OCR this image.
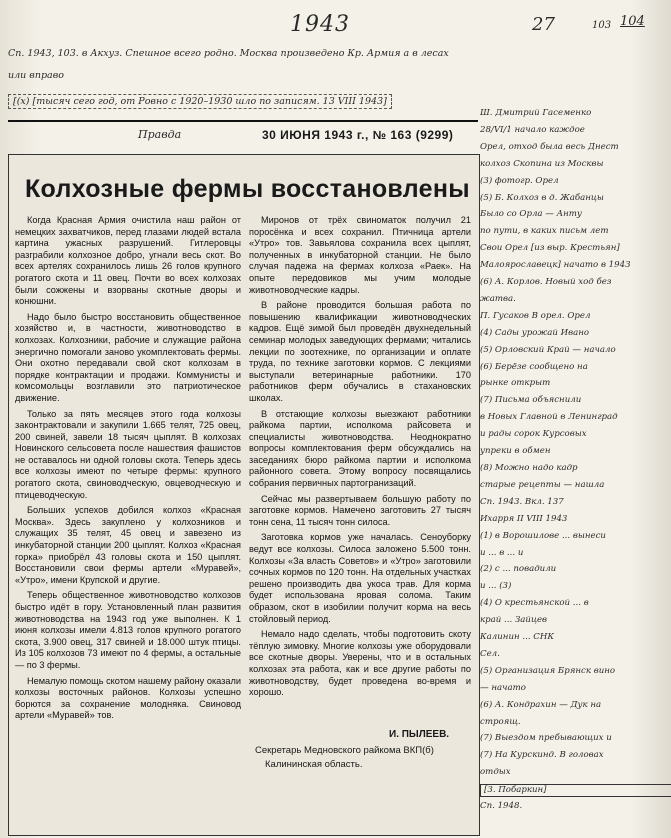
1943	27	103 104
Сп. 1943, 103. в Акхуз. Спешное всего родно. Москва произведено Кр. Армия а в лесах
или вправо
[(x) [тысяч сего год, от Ровно с 1920–1930 шло по записям. 13 VIII 1943]
Правда	30 ИЮНЯ 1943 г., № 163 (9299)
Колхозные фермы восстановлены

Когда Красная Армия очистила наш район от немецких захватчиков, перед глазами людей встала картина ужасных разрушений. Гитлеровцы разграбили колхозное добро, угнали весь скот. Во всех артелях сохранилось лишь 26 голов крупного рогатого скота и 11 овец. Почти во всех колхозах были сожжены и взорваны скотные дворы и конюшни.

Надо было быстро восстановить общественное хозяйство и, в частности, животноводство в колхозах. Колхозники, рабочие и служащие района энергично помогали заново укомплектовать фермы. Они охотно передавали свой скот колхозам в порядке контрактации и продажи. Коммунисты и комсомольцы возглавили это патриотическое движение.

Только за пять месяцев этого года колхозы законтрактовали и закупили 1.665 телят, 725 овец, 200 свиней, завели 18 тысяч цыплят. В колхозах Новинского сельсовета после нашествия фашистов не оставалось ни одной головы скота. Теперь здесь все колхозы имеют по четыре фермы: крупного рогатого скота, свиноводческую, овцеводческую и птицеводческую.

Больших успехов добился колхоз «Красная Москва». Здесь закуплено у колхозников и служащих 35 телят, 45 овец и завезено из инкубаторной станции 200 цыплят. Колхоз «Красная горка» приобрёл 43 головы скота и 150 цыплят. Восстановили свои фермы артели «Муравей», «Утро», имени Крупской и другие.

Теперь общественное животноводство колхозов быстро идёт в гору. Установленный план развития животноводства на 1943 год уже выполнен. К 1 июня колхозы имели 4.813 голов крупного рогатого скота, 3.900 овец, 317 свиней и 18.000 штук птицы. Из 105 колхозов 73 имеют по 4 фермы, а остальные — по 3 фермы.

Немалую помощь скотом нашему району оказали колхозы восточных районов. Колхозы успешно борются за сохранение молодняка. Свиновод артели «Муравей» тов.

Миронов от трёх свиноматок получил 21 поросёнка и всех сохранил. Птичница артели «Утро» тов. Завьялова сохранила всех цыплят, полученных в инкубаторной станции. Не было случая падежа на фермах колхоза «Раек». На опыте передовиков мы учим молодые животноводческие кадры.

В районе проводится большая работа по повышению квалификации животноводческих кадров. Ещё зимой был проведён двухнедельный семинар молодых заведующих фермами; читались лекции по зоотехнике, по организации и оплате труда, по технике заготовки кормов. С лекциями выступали ветеринарные работники. 170 работников ферм обучались в стахановских школах.

В отстающие колхозы выезжают работники райкома партии, исполкома райсовета и специалисты животноводства. Неоднократно вопросы комплектования ферм обсуждались на заседаниях бюро райкома партии и исполкома районного совета. Этому вопросу посвящались собрания первичных партогранизаций.

Сейчас мы развертываем большую работу по заготовке кормов. Намечено заготовить 27 тысяч тонн сена, 11 тысяч тонн силоса.

Заготовка кормов уже началась. Сеноуборку ведут все колхозы. Силоса заложено 5.500 тонн. Колхозы «За власть Советов» и «Утро» заготовили сочных кормов по 120 тонн. На отдельных участках решено производить два укоса трав. Для корма будет использована яровая солома. Таким образом, скот в изобилии получит корма на весь стойловый период.

Немало надо сделать, чтобы подготовить скоту тёплую зимовку. Многие колхозы уже оборудовали все скотные дворы. Уверены, что и в остальных колхозах эта работа, как и все другие работы по животноводству, будет проведена во-время и хорошо.

И. ПЫЛЕЕВ.
Секретарь Медновского райкома ВКП(б)
Калининская область.
Ш. Дмитрий Гасеменко
28/VI/1 начало каждое
Орел, отход была весь Днест
колхоз Скопина из Москвы
(3) фотогр. Орел
(5) Б. Колхоз в д. Жабанцы
Было со Орла — Анту
по пути, в каких письм лет
Свои Орел [из выр. Крестьян]
Малоярославецк] начато в 1943
(6) А. Корлов. Новый ход без
жатва.
П. Гусаков В орел. Орел
(4) Сады урожай Ивано
(5) Орловский Край — начало
(6) Берёзе сообщено на
рынке открыт
(7) Письма объяснили
в Новых Главной в Ленинград
и рады сорок Курсовых
упреки в обмен
(8) Можно надо кадр
старые рецепты — нашла
Сп. 1943. Вкл. 137
Ихарря II VIII 1943
(1) в Ворошилове ... вынеси
и ... в ... и
(2) с ... повадили
и ... (3)
(4) О крестьянской ... в
край ... Зайцев
Калинин ... СНК
Сел.
(5) Организация Брянск вино
— начато
(6) А. Кондрахин — Дук на
строящ.
(7) Выездом пребывающих и
(7) На Курскинд. В головах
отдых
[3. Побаркин]
Сп. 1948.
